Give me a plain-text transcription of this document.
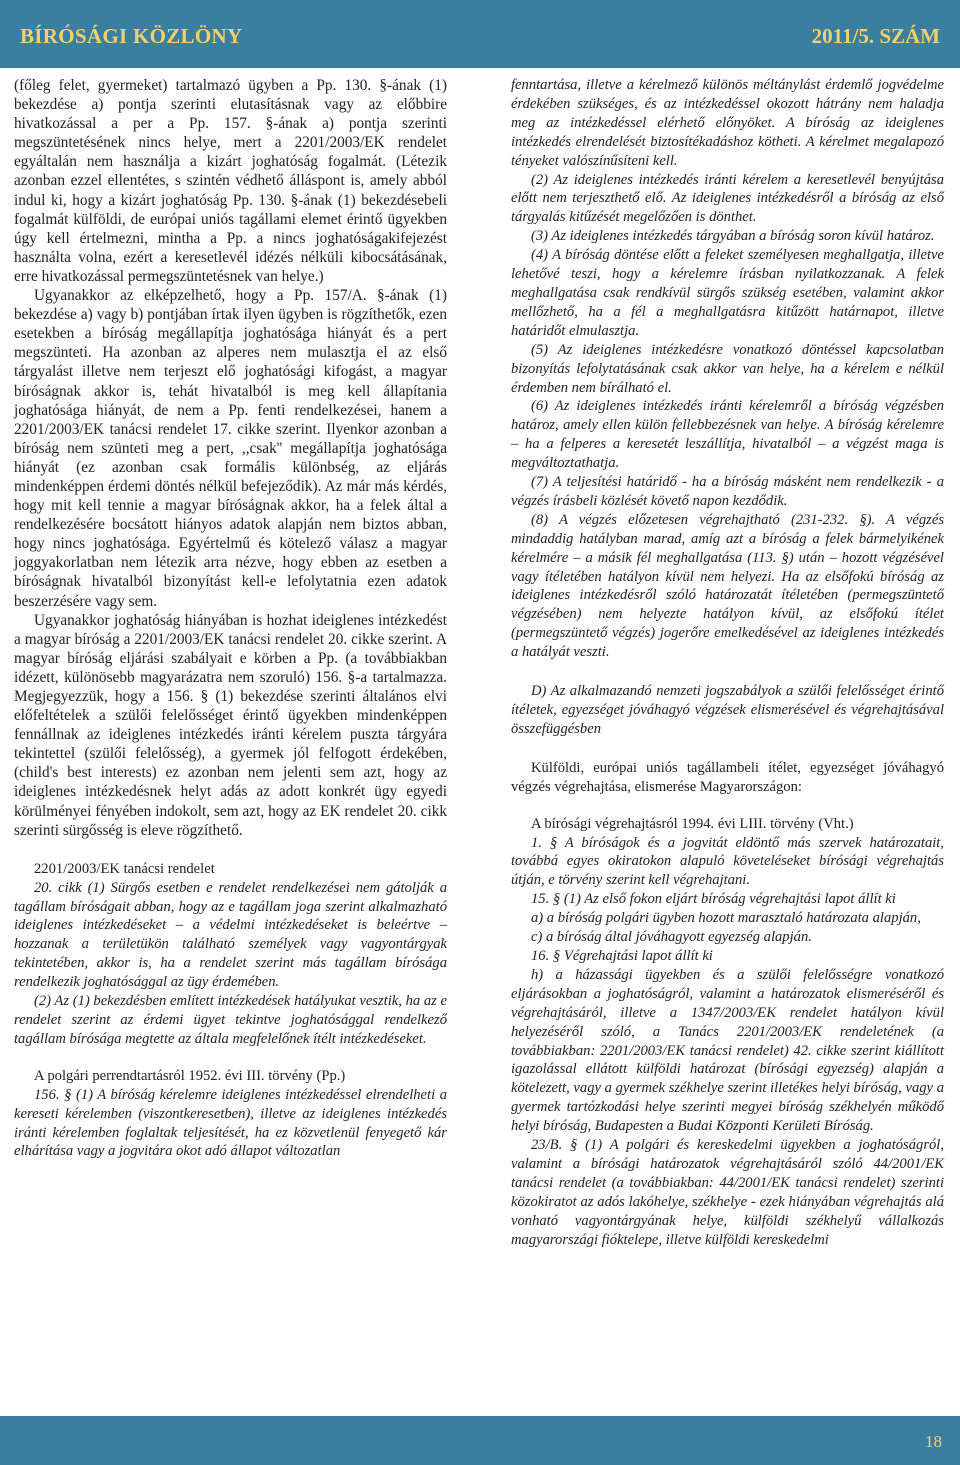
BÍRÓSÁGI KÖZLÖNY	2011/5. SZÁM

(főleg felet, gyermeket) tartalmazó ügyben a Pp. 130. §-ának (1) bekezdése a) pontja szerinti elutasításnak vagy az előbbire hivatkozással a per a Pp. 157. §-ának a) pontja szerinti megszüntetésének nincs helye, mert a 2201/2003/EK rendelet egyáltalán nem használja a kizárt joghatóság fogalmát. (Létezik azonban ezzel ellentétes, s szintén védhető álláspont is, amely abból indul ki, hogy a kizárt joghatóság Pp. 130. §-ának (1) bekezdésebeli fogalmát külföldi, de európai uniós tagállami elemet érintő ügyekben úgy kell értelmezni, mintha a Pp. a nincs joghatóságakifejezést használta volna, ezért a keresetlevél idézés nélküli kibocsátásának, erre hivatkozással permegszüntetésnek van helye.)

Ugyanakkor az elképzelhető, hogy a Pp. 157/A. §-ának (1) bekezdése a) vagy b) pontjában írtak ilyen ügyben is rögzíthetők, ezen esetekben a bíróság megállapítja joghatósága hiányát és a pert megszünteti. Ha azonban az alperes nem mulasztja el az első tárgyalást illetve nem terjeszt elő joghatósági kifogást, a magyar bíróságnak akkor is, tehát hivatalból is meg kell állapítania joghatósága hiányát, de nem a Pp. fenti rendelkezései, hanem a 2201/2003/EK tanácsi rendelet 17. cikke szerint. Ilyenkor azonban a bíróság nem szünteti meg a pert, ,,csak'' megállapítja joghatósága hiányát (ez azonban csak formális különbség, az eljárás mindenképpen érdemi döntés nélkül befejeződik). Az már más kérdés, hogy mit kell tennie a magyar bíróságnak akkor, ha a felek által a rendelkezésére bocsátott hiányos adatok alapján nem biztos abban, hogy nincs joghatósága. Egyértelmű és kötelező válasz a magyar joggyakorlatban nem létezik arra nézve, hogy ebben az esetben a bíróságnak hivatalból bizonyítást kell-e lefolytatnia ezen adatok beszerzésére vagy sem.

Ugyanakkor joghatóság hiányában is hozhat ideiglenes intézkedést a magyar bíróság a 2201/2003/EK tanácsi rendelet 20. cikke szerint. A magyar bíróság eljárási szabályait e körben a Pp. (a továbbiakban idézett, különösebb magyarázatra nem szoruló) 156. §-a tartalmazza. Megjegyezzük, hogy a 156. § (1) bekezdése szerinti általános elvi előfeltételek a szülői felelősséget érintő ügyekben mindenképpen fennállnak az ideiglenes intézkedés iránti kérelem puszta tárgyára tekintettel (szülői felelősség), a gyermek jól felfogott érdekében, (child's best interests) ez azonban nem jelenti sem azt, hogy az ideiglenes intézkedésnek helyt adás az adott konkrét ügy egyedi körülményei fényében indokolt, sem azt, hogy az EK rendelet 20. cikk szerinti sürgősség is eleve rögzíthető.

2201/2003/EK tanácsi rendelet

20. cikk (1) Sürgős esetben e rendelet rendelkezései nem gátolják a tagállam bíróságait abban, hogy az e tagállam joga szerint alkalmazható ideiglenes intézkedéseket – a védelmi intézkedéseket is beleértve – hozzanak a területükön található személyek vagy vagyontárgyak tekintetében, akkor is, ha a rendelet szerint más tagállam bírósága rendelkezik joghatósággal az ügy érdemében.

(2) Az (1) bekezdésben említett intézkedések hatályukat vesztik, ha az e rendelet szerint az érdemi ügyet tekintve joghatósággal rendelkező tagállam bírósága megtette az általa megfelelőnek ítélt intézkedéseket.

A polgári perrendtartásról 1952. évi III. törvény (Pp.)

156. § (1) A bíróság kérelemre ideiglenes intézkedéssel elrendelheti a kereseti kérelemben (viszontkeresetben), illetve az ideiglenes intézkedés iránti kérelemben foglaltak teljesítését, ha ez közvetlenül fenyegető kár elhárítása vagy a jogvitára okot adó állapot változatlan

fenntartása, illetve a kérelmező különös méltánylást érdemlő jogvédelme érdekében szükséges, és az intézkedéssel okozott hátrány nem haladja meg az intézkedéssel elérhető előnyöket. A bíróság az ideiglenes intézkedés elrendelését biztosítékadáshoz kötheti. A kérelmet megalapozó tényeket valószínűsíteni kell.

(2) Az ideiglenes intézkedés iránti kérelem a keresetlevél benyújtása előtt nem terjeszthető elő. Az ideiglenes intézkedésről a bíróság az első tárgyalás kitűzését megelőzően is dönthet.

(3) Az ideiglenes intézkedés tárgyában a bíróság soron kívül határoz.

(4) A bíróság döntése előtt a feleket személyesen meghallgatja, illetve lehetővé teszi, hogy a kérelemre írásban nyilatkozzanak. A felek meghallgatása csak rendkívül sürgős szükség esetében, valamint akkor mellőzhető, ha a fél a meghallgatásra kitűzött határnapot, illetve határidőt elmulasztja.

(5) Az ideiglenes intézkedésre vonatkozó döntéssel kapcsolatban bizonyítás lefolytatásának csak akkor van helye, ha a kérelem e nélkül érdemben nem bírálható el.

(6) Az ideiglenes intézkedés iránti kérelemről a bíróság végzésben határoz, amely ellen külön fellebbezésnek van helye. A bíróság kérelemre – ha a felperes a keresetét leszállítja, hivatalból – a végzést maga is megváltoztathatja.

(7) A teljesítési határidő - ha a bíróság másként nem rendelkezik - a végzés írásbeli közlését követő napon kezdődik.

(8) A végzés előzetesen végrehajtható (231-232. §). A végzés mindaddig hatályban marad, amíg azt a bíróság a felek bármelyikének kérelmére – a másik fél meghallgatása (113. §) után – hozott végzésével vagy ítéletében hatályon kívül nem helyezi. Ha az elsőfokú bíróság az ideiglenes intézkedésről szóló határozatát ítéletében (permegszüntető végzésében) nem helyezte hatályon kívül, az elsőfokú ítélet (permegszüntető végzés) jogerőre emelkedésével az ideiglenes intézkedés a hatályát veszti.

D) Az alkalmazandó nemzeti jogszabályok a szülői felelősséget érintő ítéletek, egyezséget jóváhagyó végzések elismerésével és végrehajtásával összefüggésben

Külföldi, európai uniós tagállambeli ítélet, egyezséget jóváhagyó végzés végrehajtása, elismerése Magyarországon:

A bírósági végrehajtásról 1994. évi LIII. törvény (Vht.)

1. § A bíróságok és a jogvitát eldöntő más szervek határozatait, továbbá egyes okiratokon alapuló követeléseket bírósági végrehajtás útján, e törvény szerint kell végrehajtani.

15. § (1) Az első fokon eljárt bíróság végrehajtási lapot állít ki

a) a bíróság polgári ügyben hozott marasztaló határozata alapján,

c) a bíróság által jóváhagyott egyezség alapján.

16. § Végrehajtási lapot állít ki

h) a házassági ügyekben és a szülői felelősségre vonatkozó eljárásokban a joghatóságról, valamint a határozatok elismeréséről és végrehajtásáról, illetve a 1347/2003/EK rendelet hatályon kívül helyezéséről szóló, a Tanács 2201/2003/EK rendeletének (a továbbiakban: 2201/2003/EK tanácsi rendelet) 42. cikke szerint kiállított igazolással ellátott külföldi határozat (bírósági egyezség) alapján a kötelezett, vagy a gyermek székhelye szerint illetékes helyi bíróság, vagy a gyermek tartózkodási helye szerinti megyei bíróság székhelyén működő helyi bíróság, Budapesten a Budai Központi Kerületi Bíróság.

23/B. § (1) A polgári és kereskedelmi ügyekben a joghatóságról, valamint a bírósági határozatok végrehajtásáról szóló 44/2001/EK tanácsi rendelet (a továbbiakban: 44/2001/EK tanácsi rendelet) szerinti közokiratot az adós lakóhelye, székhelye - ezek hiányában végrehajtás alá vonható vagyontárgyának helye, külföldi székhelyű vállalkozás magyarországi fióktelepe, illetve külföldi kereskedelmi

18
